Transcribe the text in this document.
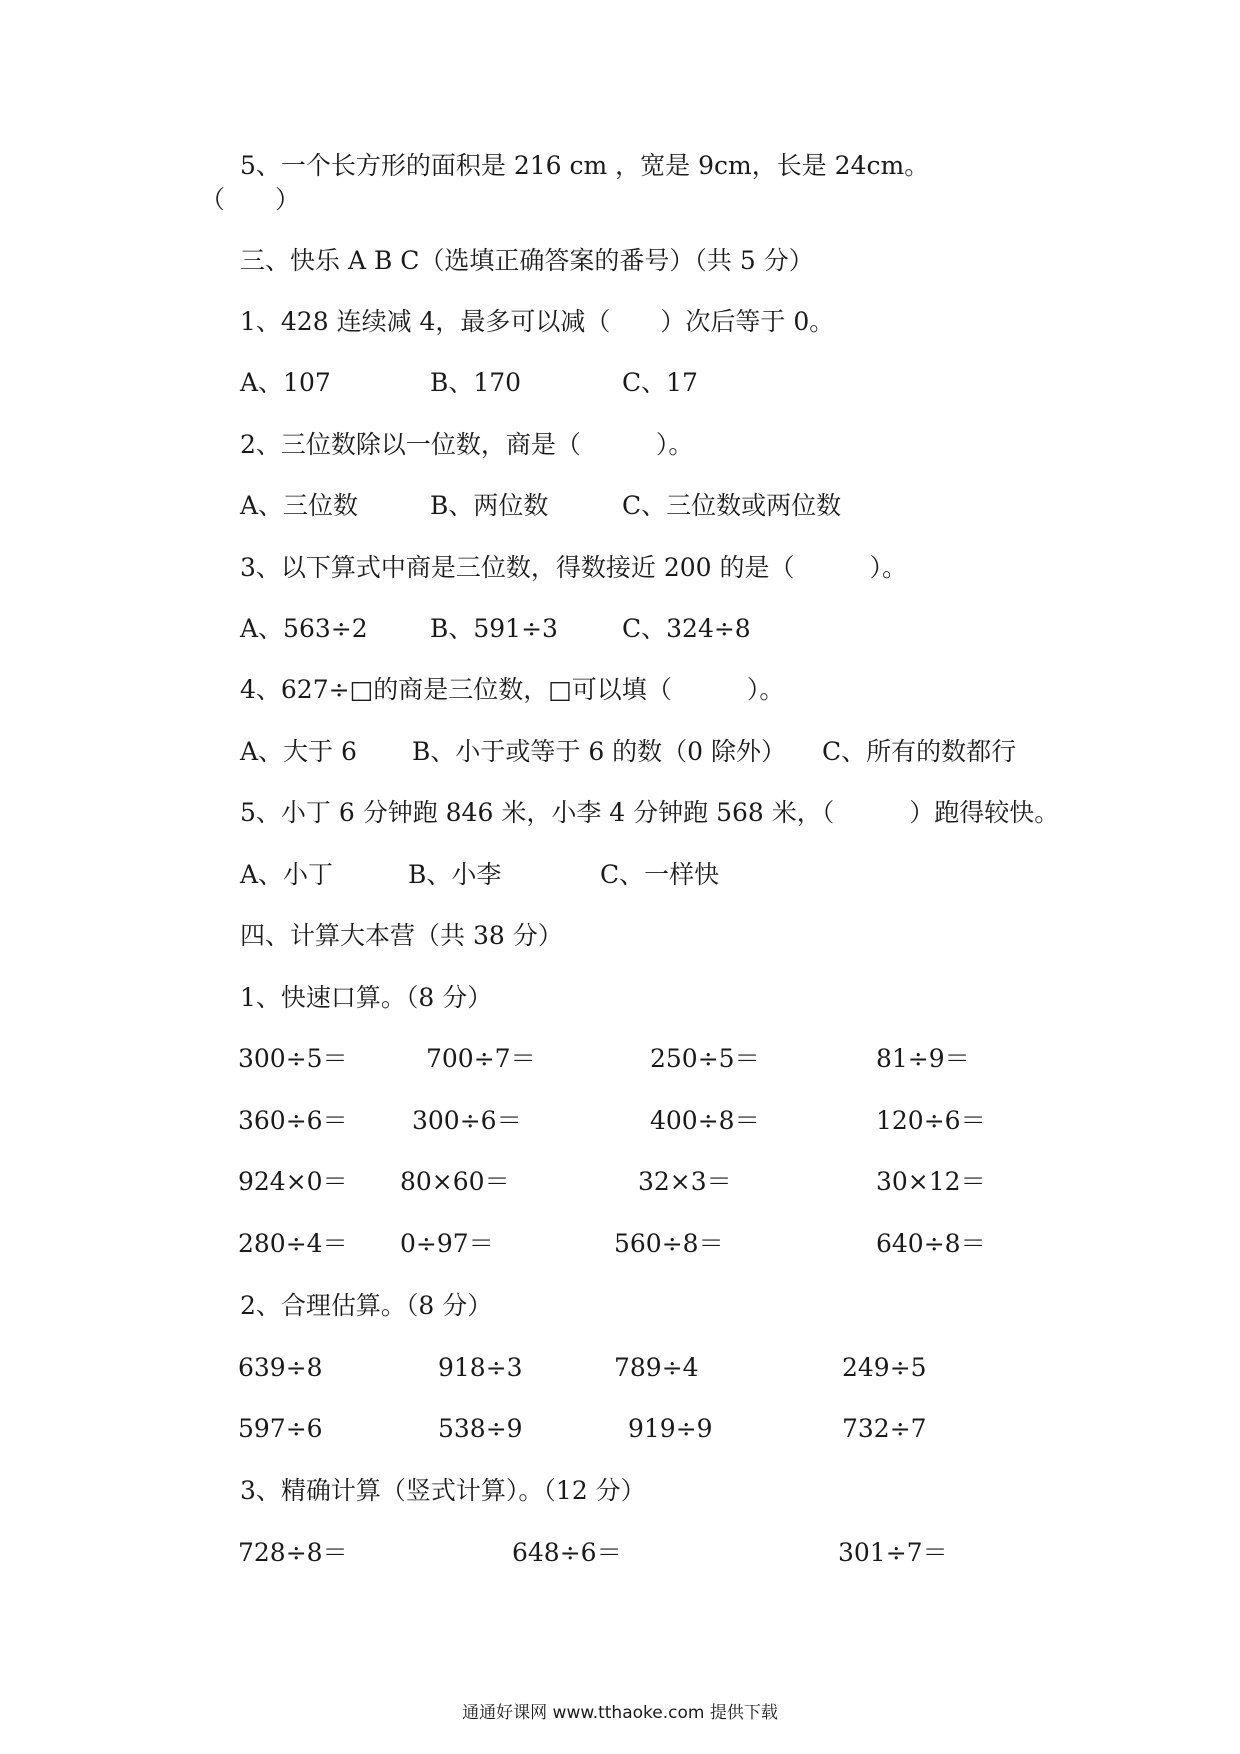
5、一个长方形的面积是 216 cm ，宽是 9cm，长是 24cm。
（　　）
三、快乐 A B C（选填正确答案的番号）（共 5 分）
1、428 连续减 4，最多可以减（　　）次后等于 0。
A、107	B、170	C、17
2、三位数除以一位数，商是（　　　）。
A、三位数	B、两位数	C、三位数或两位数
3、以下算式中商是三位数，得数接近 200 的是（　　　）。
A、563÷2 B、591÷3	C、324÷8
4、627÷□的商是三位数，□可以填（　　　）。
A、大于 6 B、小于或等于 6 的数（0 除外） C、所有的数都行
5、小丁 6 分钟跑 846 米，小李 4 分钟跑 568 米，（　　　）跑得较快。
A、小丁	B、小李	C、一样快
四、计算大本营（共 38 分）
1、快速口算。（8 分）
300÷5＝	700÷7＝	250÷5＝	81÷9＝
360÷6＝	300÷6＝	400÷8＝	120÷6＝
924×0＝ 80×60＝	32×3＝	30×12＝
280÷4＝ 0÷97＝	560÷8＝	640÷8＝
2、合理估算。（8 分）
639÷8	918÷3	789÷4	249÷5
597÷6	538÷9	919÷9	732÷7
3、精确计算（竖式计算）。（12 分）
728÷8＝	648÷6＝	301÷7＝
通通好课网 www.tthaoke.com 提供下载
